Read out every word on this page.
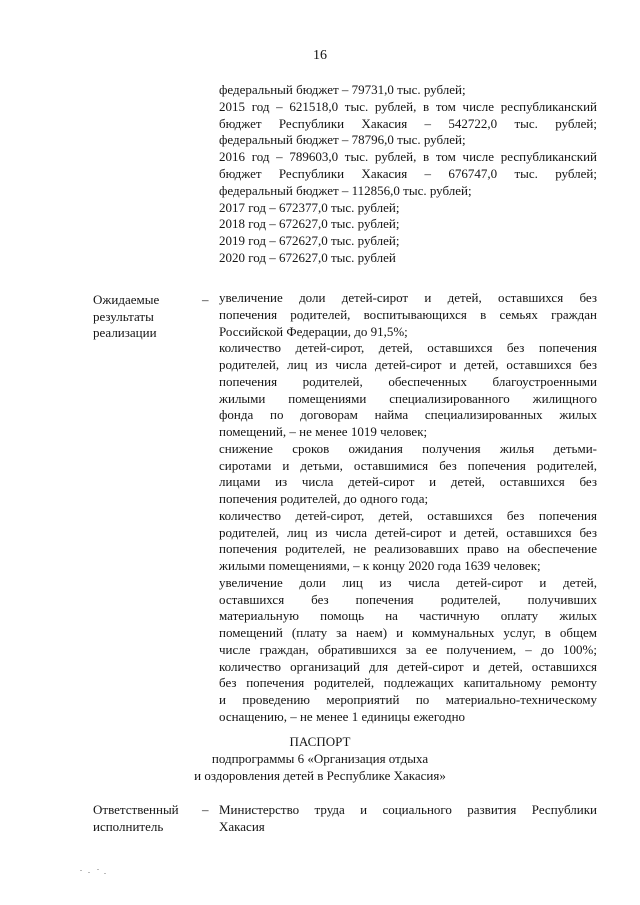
16

федеральный бюджет – 79731,0 тыс. рублей;

2015 год – 621518,0 тыс. рублей, в том числе республиканский

бюджет Республики Хакасия – 542722,0 тыс. рублей;

федеральный бюджет – 78796,0 тыс. рублей;

2016 год – 789603,0 тыс. рублей, в том числе республиканский

бюджет Республики Хакасия – 676747,0 тыс. рублей;

федеральный бюджет – 112856,0 тыс. рублей;

2017 год – 672377,0 тыс. рублей;

2018 год – 672627,0 тыс. рублей;

2019 год – 672627,0 тыс. рублей;

2020 год – 672627,0 тыс. рублей

Ожидаемые

результаты

реализации

– увеличение доли детей-сирот и детей, оставшихся без

попечения родителей, воспитывающихся в семьях граждан

Российской Федерации, до 91,5%;

количество детей-сирот, детей, оставшихся без попечения

родителей, лиц из числа детей-сирот и детей, оставшихся без

попечения родителей, обеспеченных благоустроенными

жилыми помещениями специализированного жилищного

фонда по договорам найма специализированных жилых

помещений, – не менее 1019 человек;

снижение сроков ожидания получения жилья детьми-

сиротами и детьми, оставшимися без попечения родителей,

лицами из числа детей-сирот и детей, оставшихся без

попечения родителей, до одного года;

количество детей-сирот, детей, оставшихся без попечения

родителей, лиц из числа детей-сирот и детей, оставшихся без

попечения родителей, не реализовавших право на обеспечение

жилыми помещениями, – к концу 2020 года 1639 человек;

увеличение доли лиц из числа детей-сирот и детей,

оставшихся без попечения родителей, получивших

материальную помощь на частичную оплату жилых

помещений (плату за наем) и коммунальных услуг, в общем

числе граждан, обратившихся за ее получением, – до 100%;

количество организаций для детей-сирот и детей, оставшихся

без попечения родителей, подлежащих капитальному ремонту

и проведению мероприятий по материально-техническому

оснащению, – не менее 1 единицы ежегодно

ПАСПОРТ

подпрограммы 6 «Организация отдыха

и оздоровления детей в Республике Хакасия»

Ответственный

исполнитель

– Министерство труда и социального развития Республики

Хакасия
